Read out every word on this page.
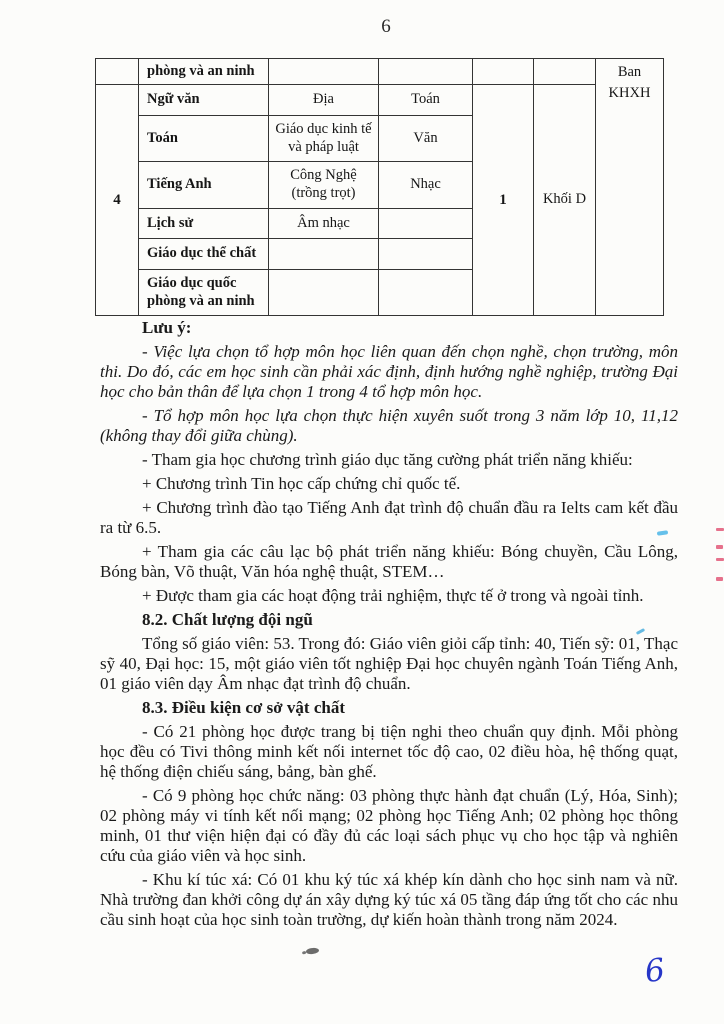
6
	phòng và an ninh					Ban KHXH
4	Ngữ văn	Địa	Toán	1	Khối D	
	Toán	Giáo dục kinh tế và pháp luật	Văn			
	Tiếng Anh	Công Nghệ (trồng trọt)	Nhạc			
	Lịch sử	Âm nhạc				
	Giáo dục thể chất					
	Giáo dục quốc phòng và an ninh					

Lưu ý:

- Việc lựa chọn tổ hợp môn học liên quan đến chọn nghề, chọn trường, môn thi. Do đó, các em học sinh cần phải xác định, định hướng nghề nghiệp, trường Đại học cho bản thân để lựa chọn 1 trong 4 tổ hợp môn học.

- Tổ hợp môn học lựa chọn thực hiện xuyên suốt trong 3 năm lớp 10, 11,12 (không thay đổi giữa chùng).

- Tham gia học chương trình giáo dục tăng cường phát triển năng khiếu:

+ Chương trình Tin học cấp chứng chỉ quốc tế.

+ Chương trình đào tạo Tiếng Anh đạt trình độ chuẩn đầu ra Ielts cam kết đầu ra từ 6.5.

+ Tham gia các câu lạc bộ phát triển năng khiếu: Bóng chuyền, Cầu Lông, Bóng bàn, Võ thuật, Văn hóa nghệ thuật, STEM…

+ Được tham gia các hoạt động trải nghiệm, thực tế ở trong và ngoài tỉnh.

8.2. Chất lượng đội ngũ

Tổng số giáo viên: 53. Trong đó: Giáo viên giỏi cấp tỉnh: 40, Tiến sỹ: 01, Thạc sỹ 40, Đại học: 15, một giáo viên tốt nghiệp Đại học chuyên ngành Toán Tiếng Anh, 01 giáo viên dạy Âm nhạc đạt trình độ chuẩn.

8.3. Điều kiện cơ sở vật chất

- Có 21 phòng học được trang bị tiện nghi theo chuẩn quy định. Mỗi phòng học đều có Tivi thông minh kết nối internet tốc độ cao, 02 điều hòa, hệ thống quạt, hệ thống điện chiếu sáng, bảng, bàn ghế.

- Có 9 phòng học chức năng: 03 phòng thực hành đạt chuẩn (Lý, Hóa, Sinh); 02 phòng máy vi tính kết nối mạng; 02 phòng học Tiếng Anh; 02 phòng học thông minh, 01 thư viện hiện đại có đầy đủ các loại sách phục vụ cho học tập và nghiên cứu của giáo viên và học sinh.

- Khu kí túc xá: Có 01 khu ký túc xá khép kín dành cho học sinh nam và nữ. Nhà trường đan khởi công dự án xây dựng ký túc xá 05 tầng đáp ứng tốt cho các nhu cầu sinh hoạt của học sinh toàn trường, dự kiến hoàn thành trong năm 2024.

6
